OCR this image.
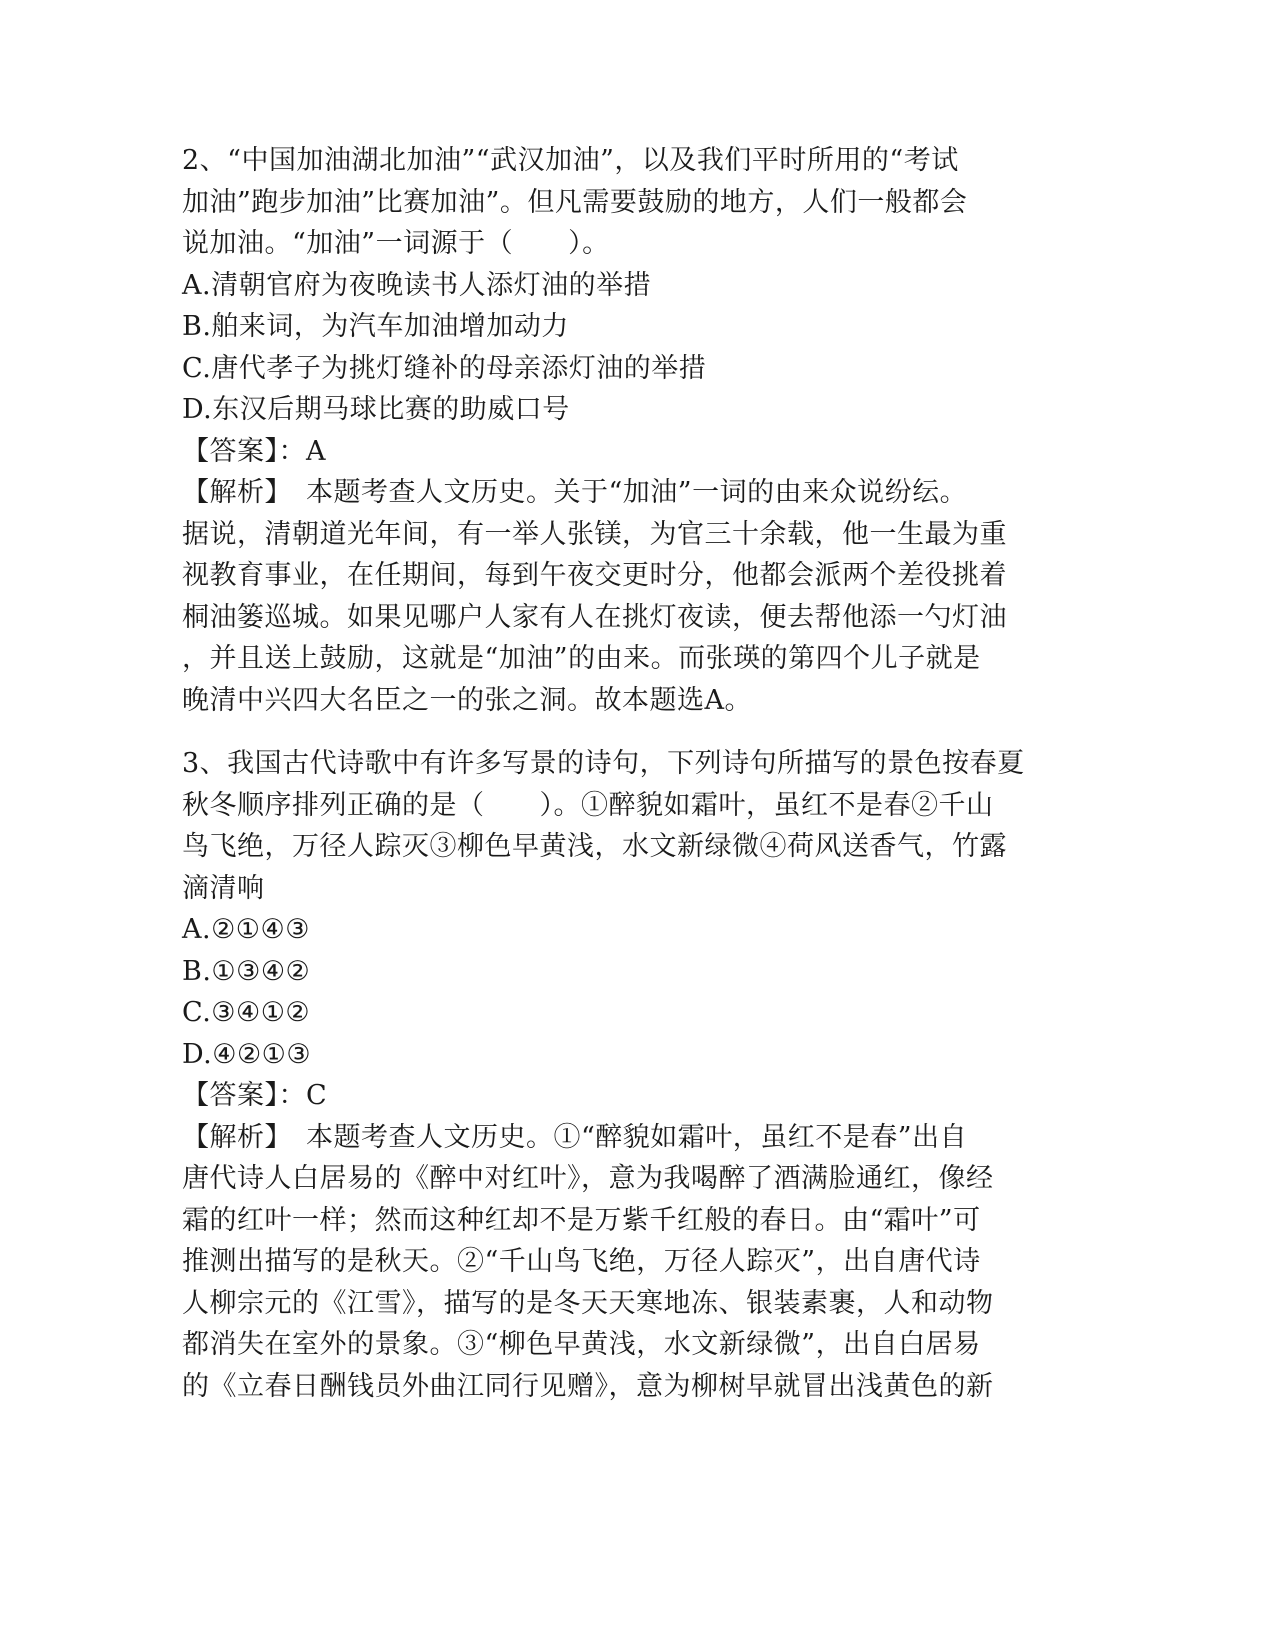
2、“中国加油湖北加油”“武汉加油”，以及我们平时所用的“考试
加油”跑步加油”比赛加油”。但凡需要鼓励的地方，人们一般都会
说加油。“加油”一词源于（　　）。
A.清朝官府为夜晚读书人添灯油的举措
B.舶来词，为汽车加油增加动力
C.唐代孝子为挑灯缝补的母亲添灯油的举措
D.东汉后期马球比赛的助威口号
【答案】：A
【解析】　本题考查人文历史。关于“加油”一词的由来众说纷纭。
据说，清朝道光年间，有一举人张镁，为官三十余载，他一生最为重
视教育事业，在任期间，每到午夜交更时分，他都会派两个差役挑着
桐油篓巡城。如果见哪户人家有人在挑灯夜读，便去帮他添一勺灯油
，并且送上鼓励，这就是“加油”的由来。而张瑛的第四个儿子就是
晚清中兴四大名臣之一的张之洞。故本题选A。
3、我国古代诗歌中有许多写景的诗句，下列诗句所描写的景色按春夏
秋冬顺序排列正确的是（　　）。①醉貌如霜叶，虽红不是春②千山
鸟飞绝，万径人踪灭③柳色早黄浅，水文新绿微④荷风送香气，竹露
滴清响
A.②①④③
B.①③④②
C.③④①②
D.④②①③
【答案】：C
【解析】　本题考查人文历史。①“醉貌如霜叶，虽红不是春”出自
唐代诗人白居易的《醉中对红叶》，意为我喝醉了酒满脸通红，像经
霜的红叶一样；然而这种红却不是万紫千红般的春日。由“霜叶”可
推测出描写的是秋天。②“千山鸟飞绝，万径人踪灭”，出自唐代诗
人柳宗元的《江雪》，描写的是冬天天寒地冻、银装素裹，人和动物
都消失在室外的景象。③“柳色早黄浅，水文新绿微”，出自白居易
的《立春日酬钱员外曲江同行见赠》，意为柳树早就冒出浅黄色的新
